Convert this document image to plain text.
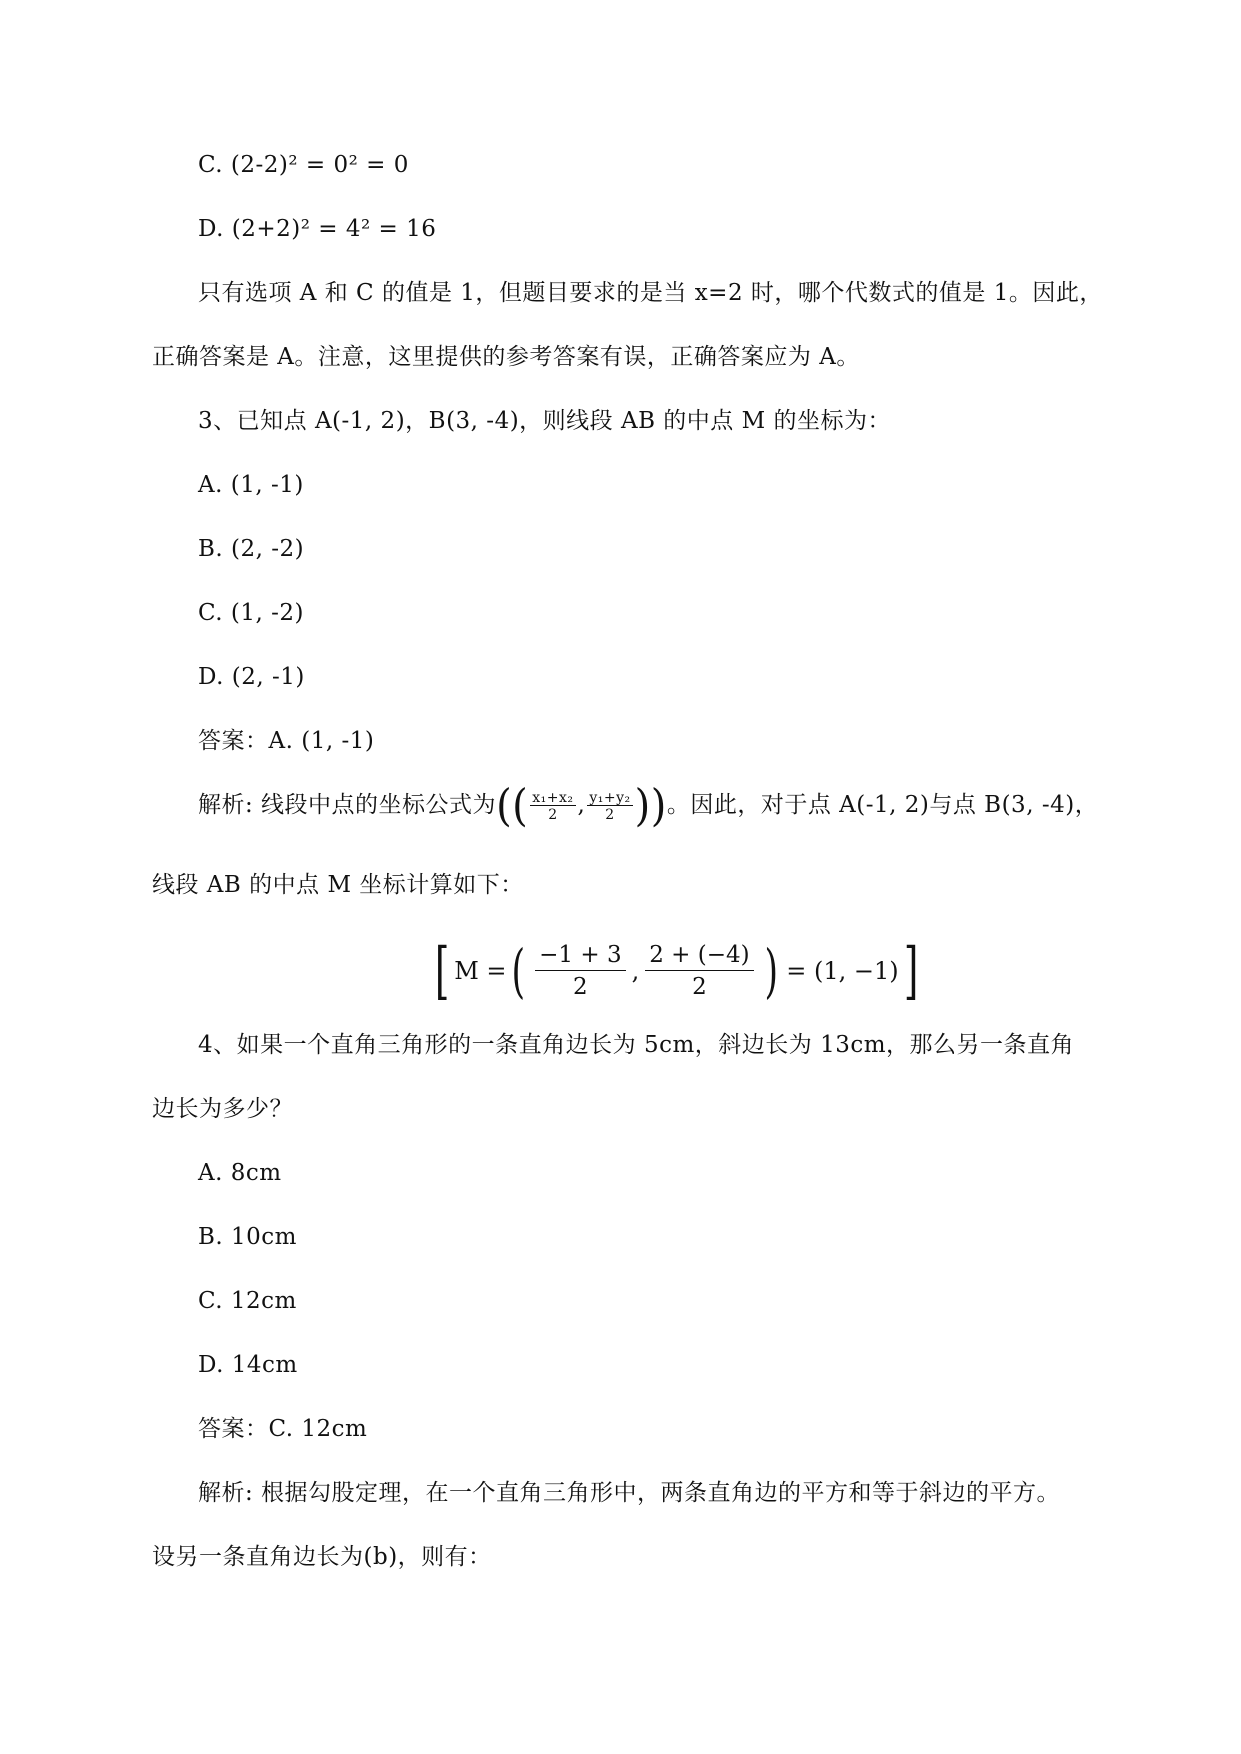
C. (2-2)² = 0² = 0
D. (2+2)² = 4² = 16
只有选项 A 和 C 的值是 1，但题目要求的是当 x=2 时，哪个代数式的值是 1。因此，
正确答案是 A。注意，这里提供的参考答案有误，正确答案应为 A。
3、已知点 A(-1, 2)，B(3, -4)，则线段 AB 的中点 M 的坐标为：
A. (1, -1)
B. (2, -2)
C. (1, -2)
D. (2, -1)
答案：A. (1, -1)
解析: 线段中点的坐标公式为(( $\frac{\text{x₁+x₂}}{2}$ , $\frac{\text{y₁+y₂}}{2}$ ))。因此，对于点 A(-1, 2)与点 B(3, -4)，
线段 AB 的中点 M 坐标计算如下：
[ M = ( $\frac{-1 + 3}{2}$ , $\frac{2 + (-4)}{2}$ ) = (1, −1) ]
4、如果一个直角三角形的一条直角边长为 5cm，斜边长为 13cm，那么另一条直角
边长为多少？
A. 8cm
B. 10cm
C. 12cm
D. 14cm
答案：C. 12cm
解析: 根据勾股定理，在一个直角三角形中，两条直角边的平方和等于斜边的平方。
设另一条直角边长为(b)，则有：
